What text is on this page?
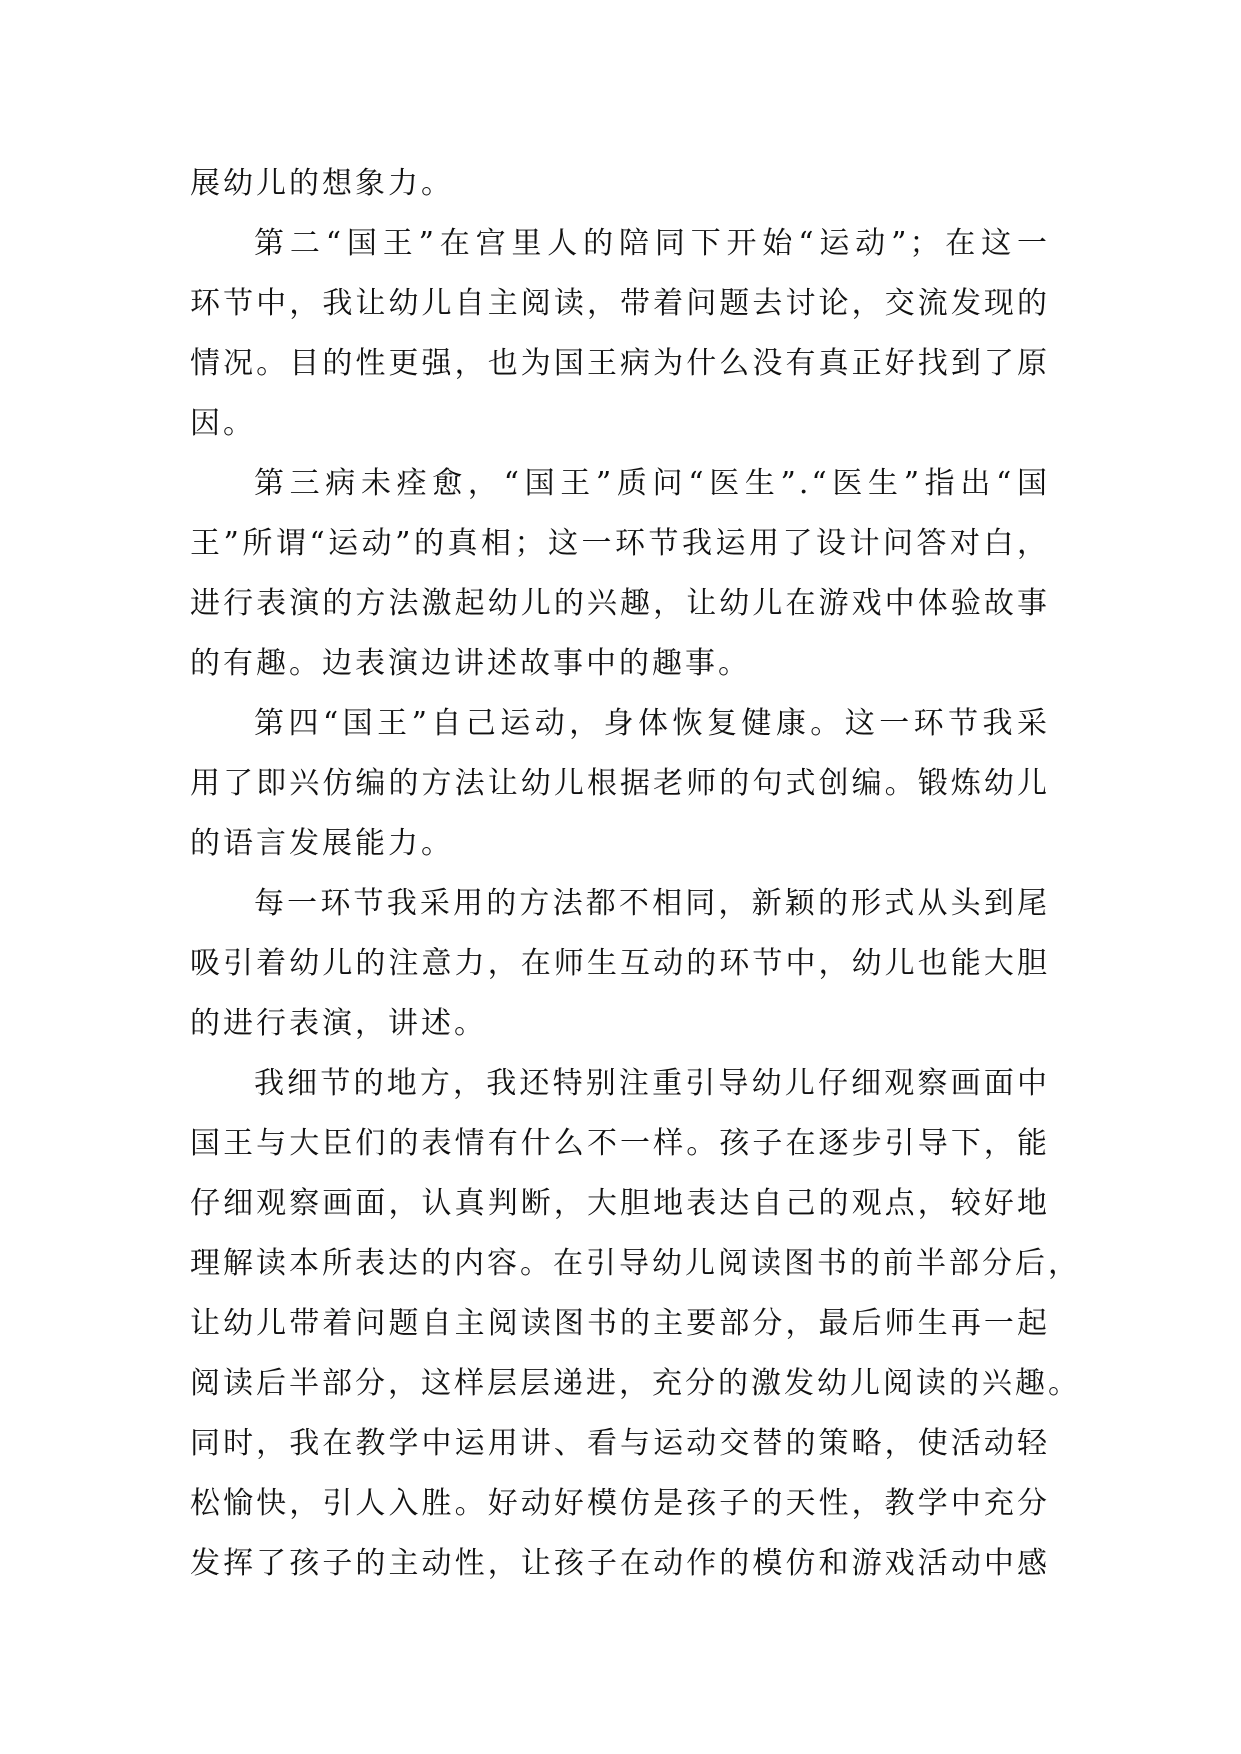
展幼儿的想象力。
第二“国王”在宫里人的陪同下开始“运动”；在这一
环节中，我让幼儿自主阅读，带着问题去讨论，交流发现的
情况。目的性更强，也为国王病为什么没有真正好找到了原
因。
第三病未痊愈，“国王”质问“医生”.“医生”指出“国
王”所谓“运动”的真相；这一环节我运用了设计问答对白，
进行表演的方法激起幼儿的兴趣，让幼儿在游戏中体验故事
的有趣。边表演边讲述故事中的趣事。
第四“国王”自己运动，身体恢复健康。这一环节我采
用了即兴仿编的方法让幼儿根据老师的句式创编。锻炼幼儿
的语言发展能力。
每一环节我采用的方法都不相同，新颖的形式从头到尾
吸引着幼儿的注意力，在师生互动的环节中，幼儿也能大胆
的进行表演，讲述。
我细节的地方，我还特别注重引导幼儿仔细观察画面中
国王与大臣们的表情有什么不一样。孩子在逐步引导下，能
仔细观察画面，认真判断，大胆地表达自己的观点，较好地
理解读本所表达的内容。在引导幼儿阅读图书的前半部分后，
让幼儿带着问题自主阅读图书的主要部分，最后师生再一起
阅读后半部分，这样层层递进，充分的激发幼儿阅读的兴趣。
同时，我在教学中运用讲、看与运动交替的策略，使活动轻
松愉快，引人入胜。好动好模仿是孩子的天性，教学中充分
发挥了孩子的主动性，让孩子在动作的模仿和游戏活动中感
